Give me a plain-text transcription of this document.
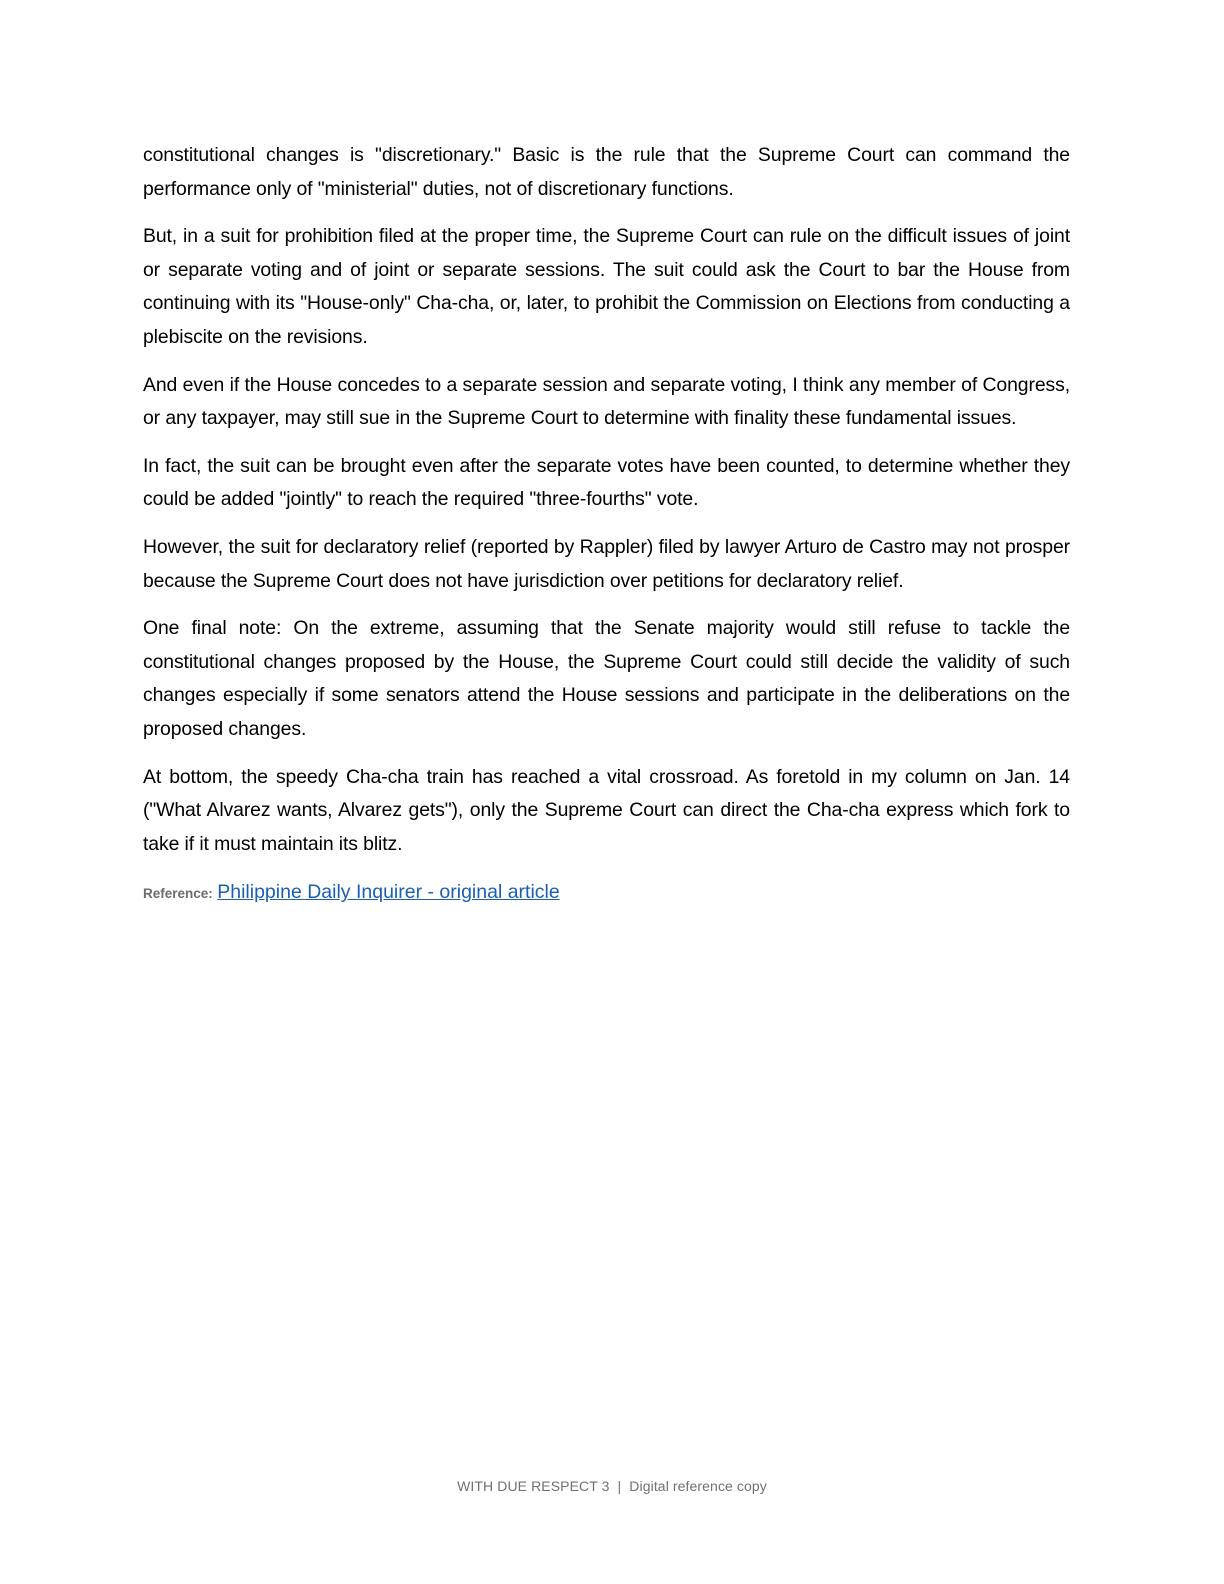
constitutional changes is "discretionary." Basic is the rule that the Supreme Court can command the performance only of "ministerial" duties, not of discretionary functions.

But, in a suit for prohibition filed at the proper time, the Supreme Court can rule on the difficult issues of joint or separate voting and of joint or separate sessions. The suit could ask the Court to bar the House from continuing with its "House-only" Cha-cha, or, later, to prohibit the Commission on Elections from conducting a plebiscite on the revisions.

And even if the House concedes to a separate session and separate voting, I think any member of Congress, or any taxpayer, may still sue in the Supreme Court to determine with finality these fundamental issues.

In fact, the suit can be brought even after the separate votes have been counted, to determine whether they could be added "jointly" to reach the required "three-fourths" vote.

However, the suit for declaratory relief (reported by Rappler) filed by lawyer Arturo de Castro may not prosper because the Supreme Court does not have jurisdiction over petitions for declaratory relief.

One final note: On the extreme, assuming that the Senate majority would still refuse to tackle the constitutional changes proposed by the House, the Supreme Court could still decide the validity of such changes especially if some senators attend the House sessions and participate in the deliberations on the proposed changes.

At bottom, the speedy Cha-cha train has reached a vital crossroad. As foretold in my column on Jan. 14 ("What Alvarez wants, Alvarez gets"), only the Supreme Court can direct the Cha-cha express which fork to take if it must maintain its blitz.

Reference: Philippine Daily Inquirer - original article
WITH DUE RESPECT 3 | Digital reference copy
